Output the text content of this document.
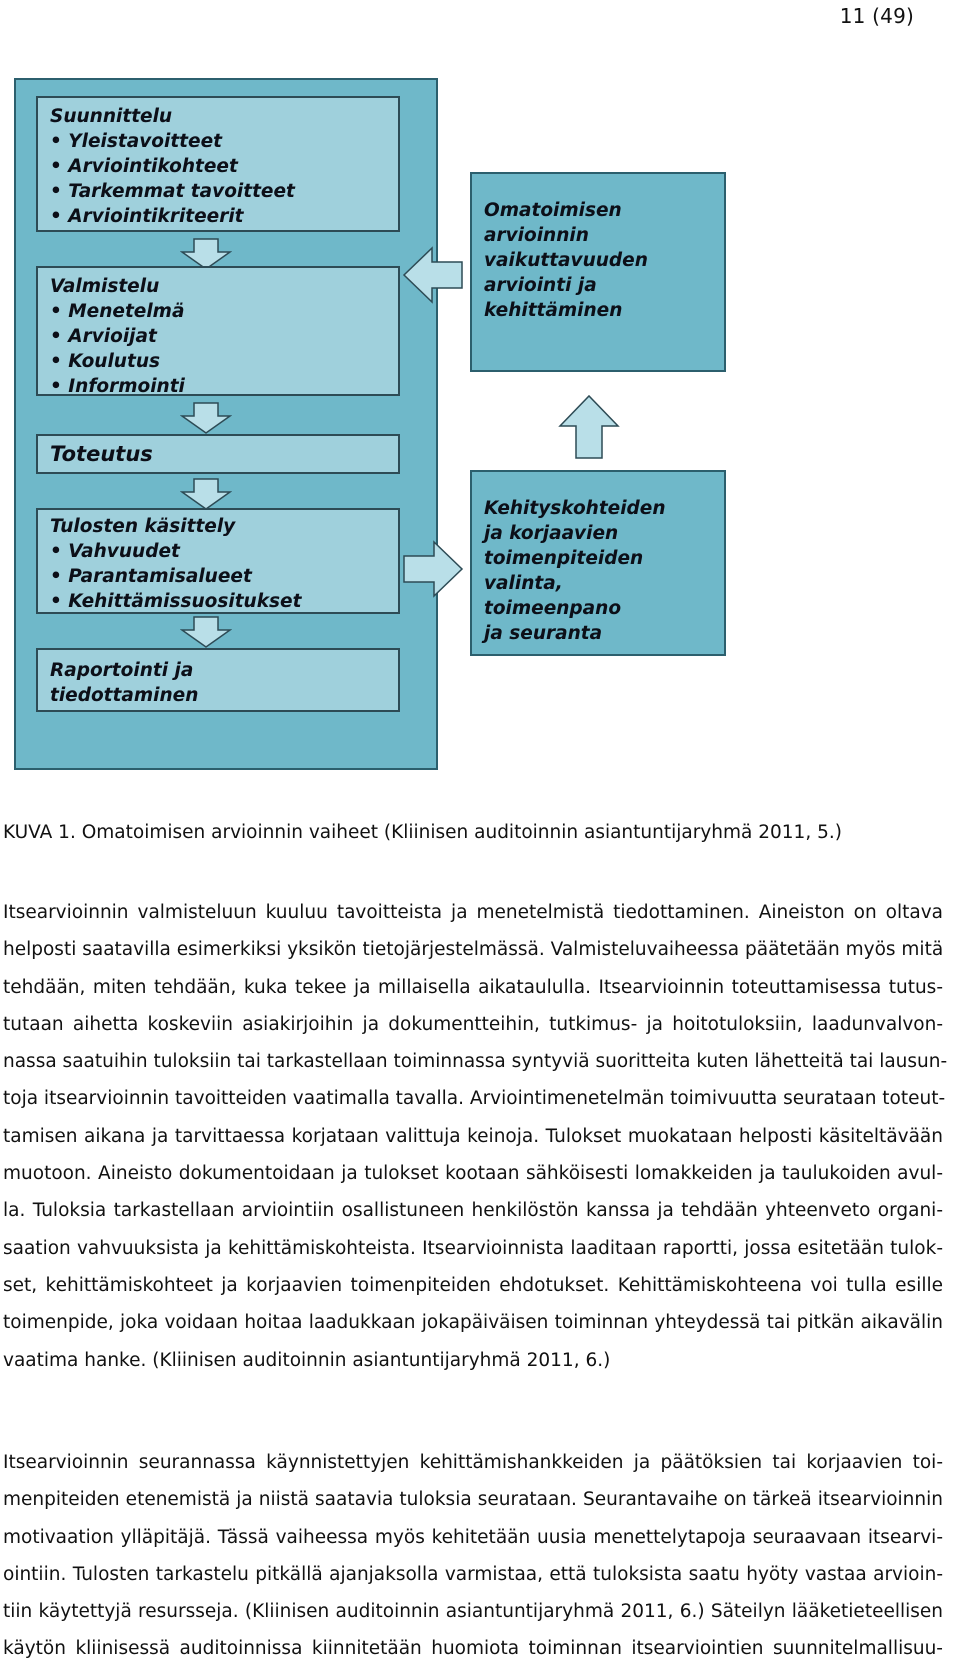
11 (49)
Suunnittelu
• Yleistavoitteet
• Arviointikohteet
• Tarkemmat tavoitteet
• Arviointikriteerit
Valmistelu
• Menetelmä
• Arvioijat
• Koulutus
• Informointi
Toteutus
Tulosten käsittely
• Vahvuudet
• Parantamisalueet
• Kehittämissuositukset
Raportointi ja
tiedottaminen
Omatoimisen
arvioinnin
vaikuttavuuden
arviointi ja
kehittäminen
Kehityskohteiden
ja korjaavien
toimenpiteiden
valinta,
toimeenpano
ja seuranta
KUVA 1. Omatoimisen arvioinnin vaiheet (Kliinisen auditoinnin asiantuntijaryhmä 2011, 5.)

Itsearvioinnin valmisteluun kuuluu tavoitteista ja menetelmistä tiedottaminen. Aineiston on oltava
helposti saatavilla esimerkiksi yksikön tietojärjestelmässä. Valmisteluvaiheessa päätetään myös mitä
tehdään, miten tehdään, kuka tekee ja millaisella aikataululla. Itsearvioinnin toteuttamisessa tutus-
tutaan aihetta koskeviin asiakirjoihin ja dokumentteihin, tutkimus- ja hoitotuloksiin, laadunvalvon-
nassa saatuihin tuloksiin tai tarkastellaan toiminnassa syntyviä suoritteita kuten lähetteitä tai lausun-
toja itsearvioinnin tavoitteiden vaatimalla tavalla. Arviointimenetelmän toimivuutta seurataan toteut-
tamisen aikana ja tarvittaessa korjataan valittuja keinoja. Tulokset muokataan helposti käsiteltävään
muotoon. Aineisto dokumentoidaan ja tulokset kootaan sähköisesti lomakkeiden ja taulukoiden avul-
la. Tuloksia tarkastellaan arviointiin osallistuneen henkilöstön kanssa ja tehdään yhteenveto organi-
saation vahvuuksista ja kehittämiskohteista. Itsearvioinnista laaditaan raportti, jossa esitetään tulok-
set, kehittämiskohteet ja korjaavien toimenpiteiden ehdotukset. Kehittämiskohteena voi tulla esille
toimenpide, joka voidaan hoitaa laadukkaan jokapäiväisen toiminnan yhteydessä tai pitkän aikavälin
vaatima hanke. (Kliinisen auditoinnin asiantuntijaryhmä 2011, 6.)

Itsearvioinnin seurannassa käynnistettyjen kehittämishankkeiden ja päätöksien tai korjaavien toi-
menpiteiden etenemistä ja niistä saatavia tuloksia seurataan. Seurantavaihe on tärkeä itsearvioinnin
motivaation ylläpitäjä. Tässä vaiheessa myös kehitetään uusia menettelytapoja seuraavaan itsearvi-
ointiin. Tulosten tarkastelu pitkällä ajanjaksolla varmistaa, että tuloksista saatu hyöty vastaa arvioin-
tiin käytettyjä resursseja. (Kliinisen auditoinnin asiantuntijaryhmä 2011, 6.) Säteilyn lääketieteellisen
käytön kliinisessä auditoinnissa kiinnitetään huomiota toiminnan itsearviointien suunnitelmallisuu-
